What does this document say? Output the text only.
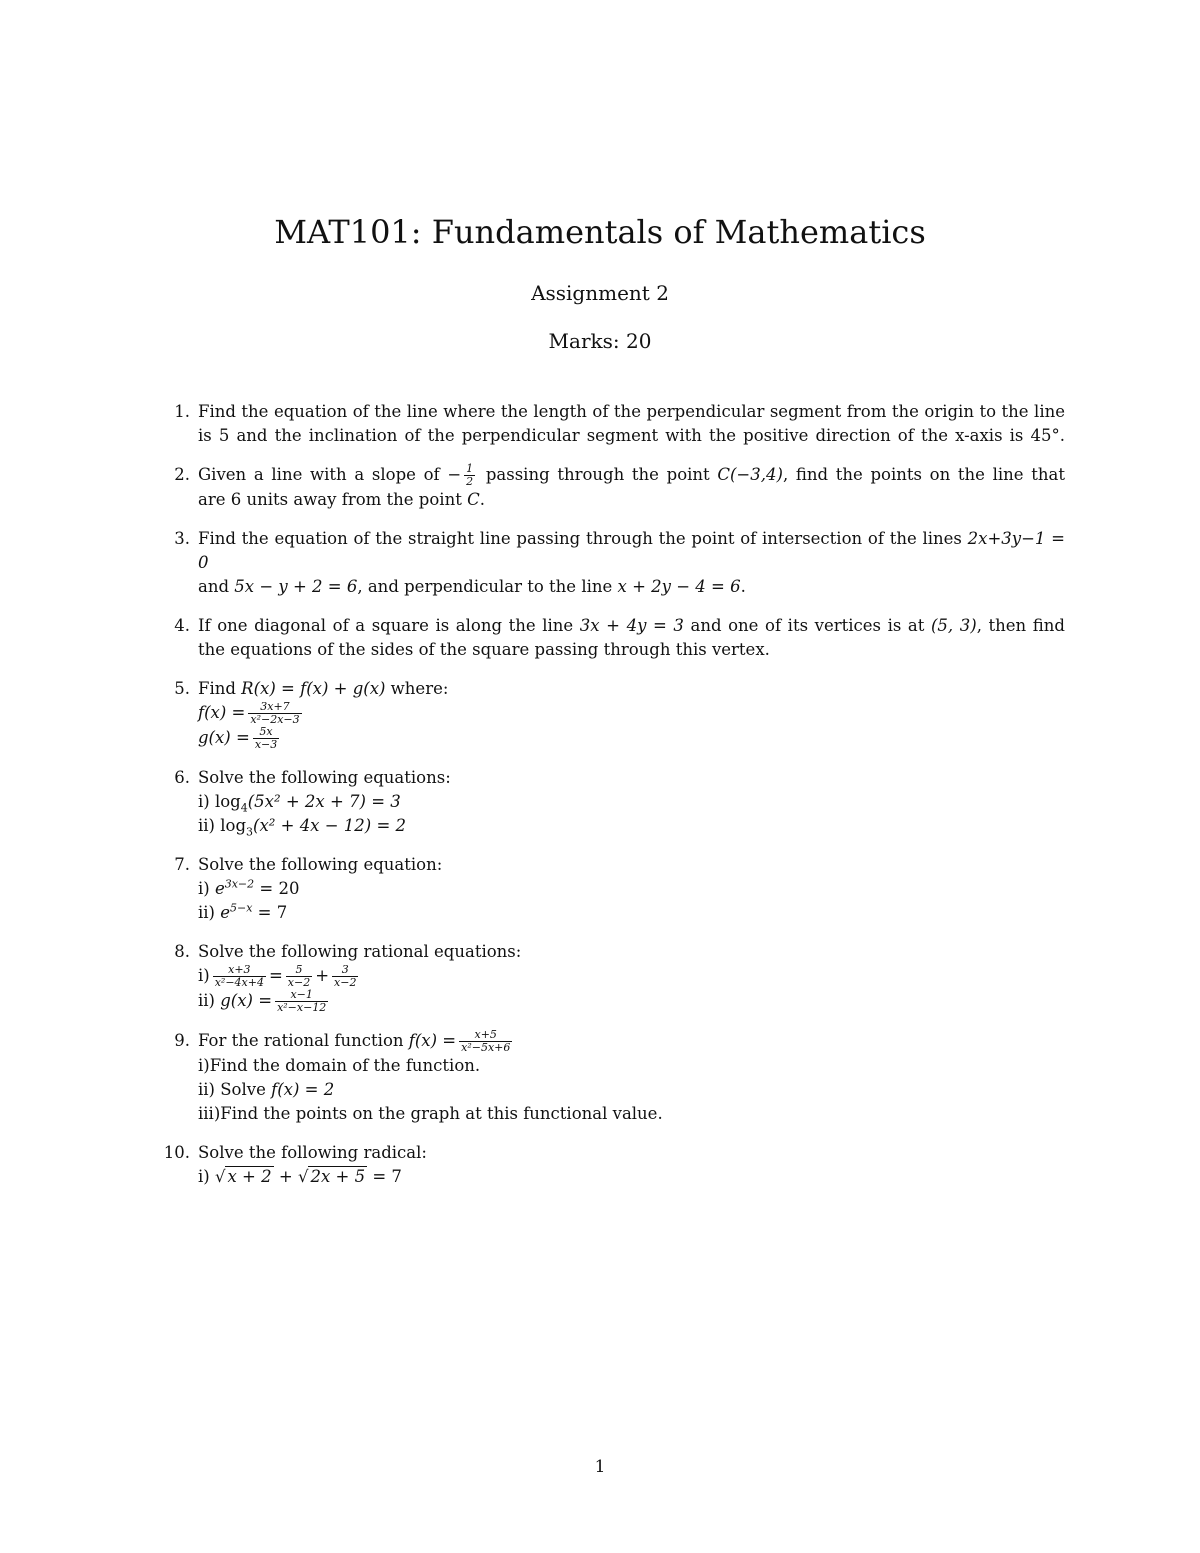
MAT101: Fundamentals of Mathematics
Assignment 2
Marks: 20
1. Find the equation of the line where the length of the perpendicular segment from the origin to the line
is 5 and the inclination of the perpendicular segment with the positive direction of the x-axis is 45°.
2. Given a line with a slope of − $\frac{1}{2}$ passing through the point C(−3,4), find the points on the line that
are 6 units away from the point C.
3. Find the equation of the straight line passing through the point of intersection of the lines 2x+3y−1 = 0
and 5x − y + 2 = 6, and perpendicular to the line x + 2y − 4 = 6.
4. If one diagonal of a square is along the line 3x + 4y = 3 and one of its vertices is at (5, 3), then find
the equations of the sides of the square passing through this vertex.
5. Find R(x) = f(x) + g(x) where:
$f(x) = \frac{3x+7}{\text{x²−2x−3}}$
$g(x) = \frac{5x}{x-3}$
6. Solve the following equations:
i) $\log_4(5x^2 + 2x + 7) = 3$
ii) $\log_3(x^2 + 4x - 12) = 2$
7. Solve the following equation:
i) $e^{3x-2} = 20$
ii) $e^{5-x} = 7$
8. Solve the following rational equations:
$i) \frac{x+3}{\text{x²−4x+4}} = \frac{5}{x-2} + \frac{3}{x-2}$
ii) $g(x) = \frac{x-1}{\text{x²−x−12}}$
9. For the rational function $f(x) = \frac{x+5}{\text{x²−5x+6}}$
i)Find the domain of the function.
ii) Solve f(x) = 2
iii)Find the points on the graph at this functional value.
10. Solve the following radical:
i) √ x + 2 + √ 2x + 5 = 7
1
